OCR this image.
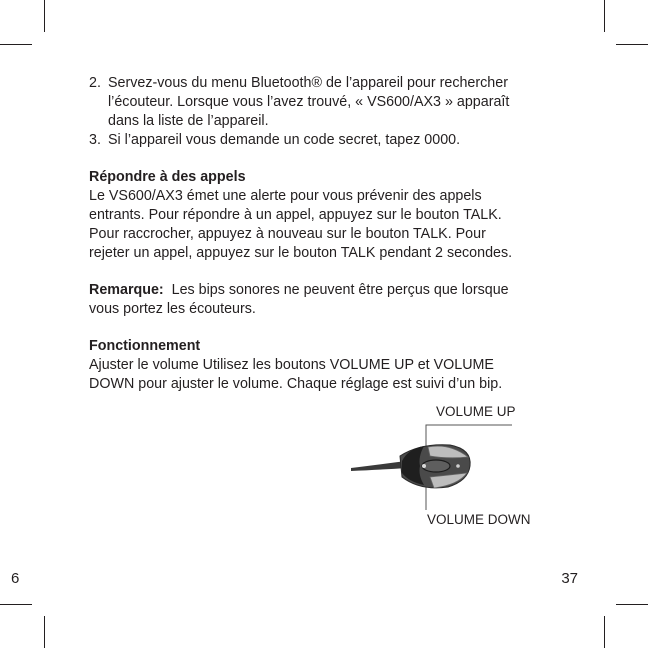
2. Servez-vous du menu Bluetooth® de l’appareil pour rechercher
l’écouteur. Lorsque vous l’avez trouvé, « VS600/AX3 » apparaît
dans la liste de l’appareil.
3. Si l’appareil vous demande un code secret, tapez 0000.
Répondre à des appels
Le VS600/AX3 émet une alerte pour vous prévenir des appels
entrants. Pour répondre à un appel, appuyez sur le bouton TALK.
Pour raccrocher, appuyez à nouveau sur le bouton TALK. Pour
rejeter un appel, appuyez sur le bouton TALK pendant 2 secondes.
Remarque:  Les bips sonores ne peuvent être perçus que lorsque
vous portez les écouteurs.
Fonctionnement
Ajuster le volume Utilisez les boutons VOLUME UP et VOLUME
DOWN pour ajuster le volume. Chaque réglage est suivi d’un bip.
VOLUME UP
VOLUME DOWN
6	37
